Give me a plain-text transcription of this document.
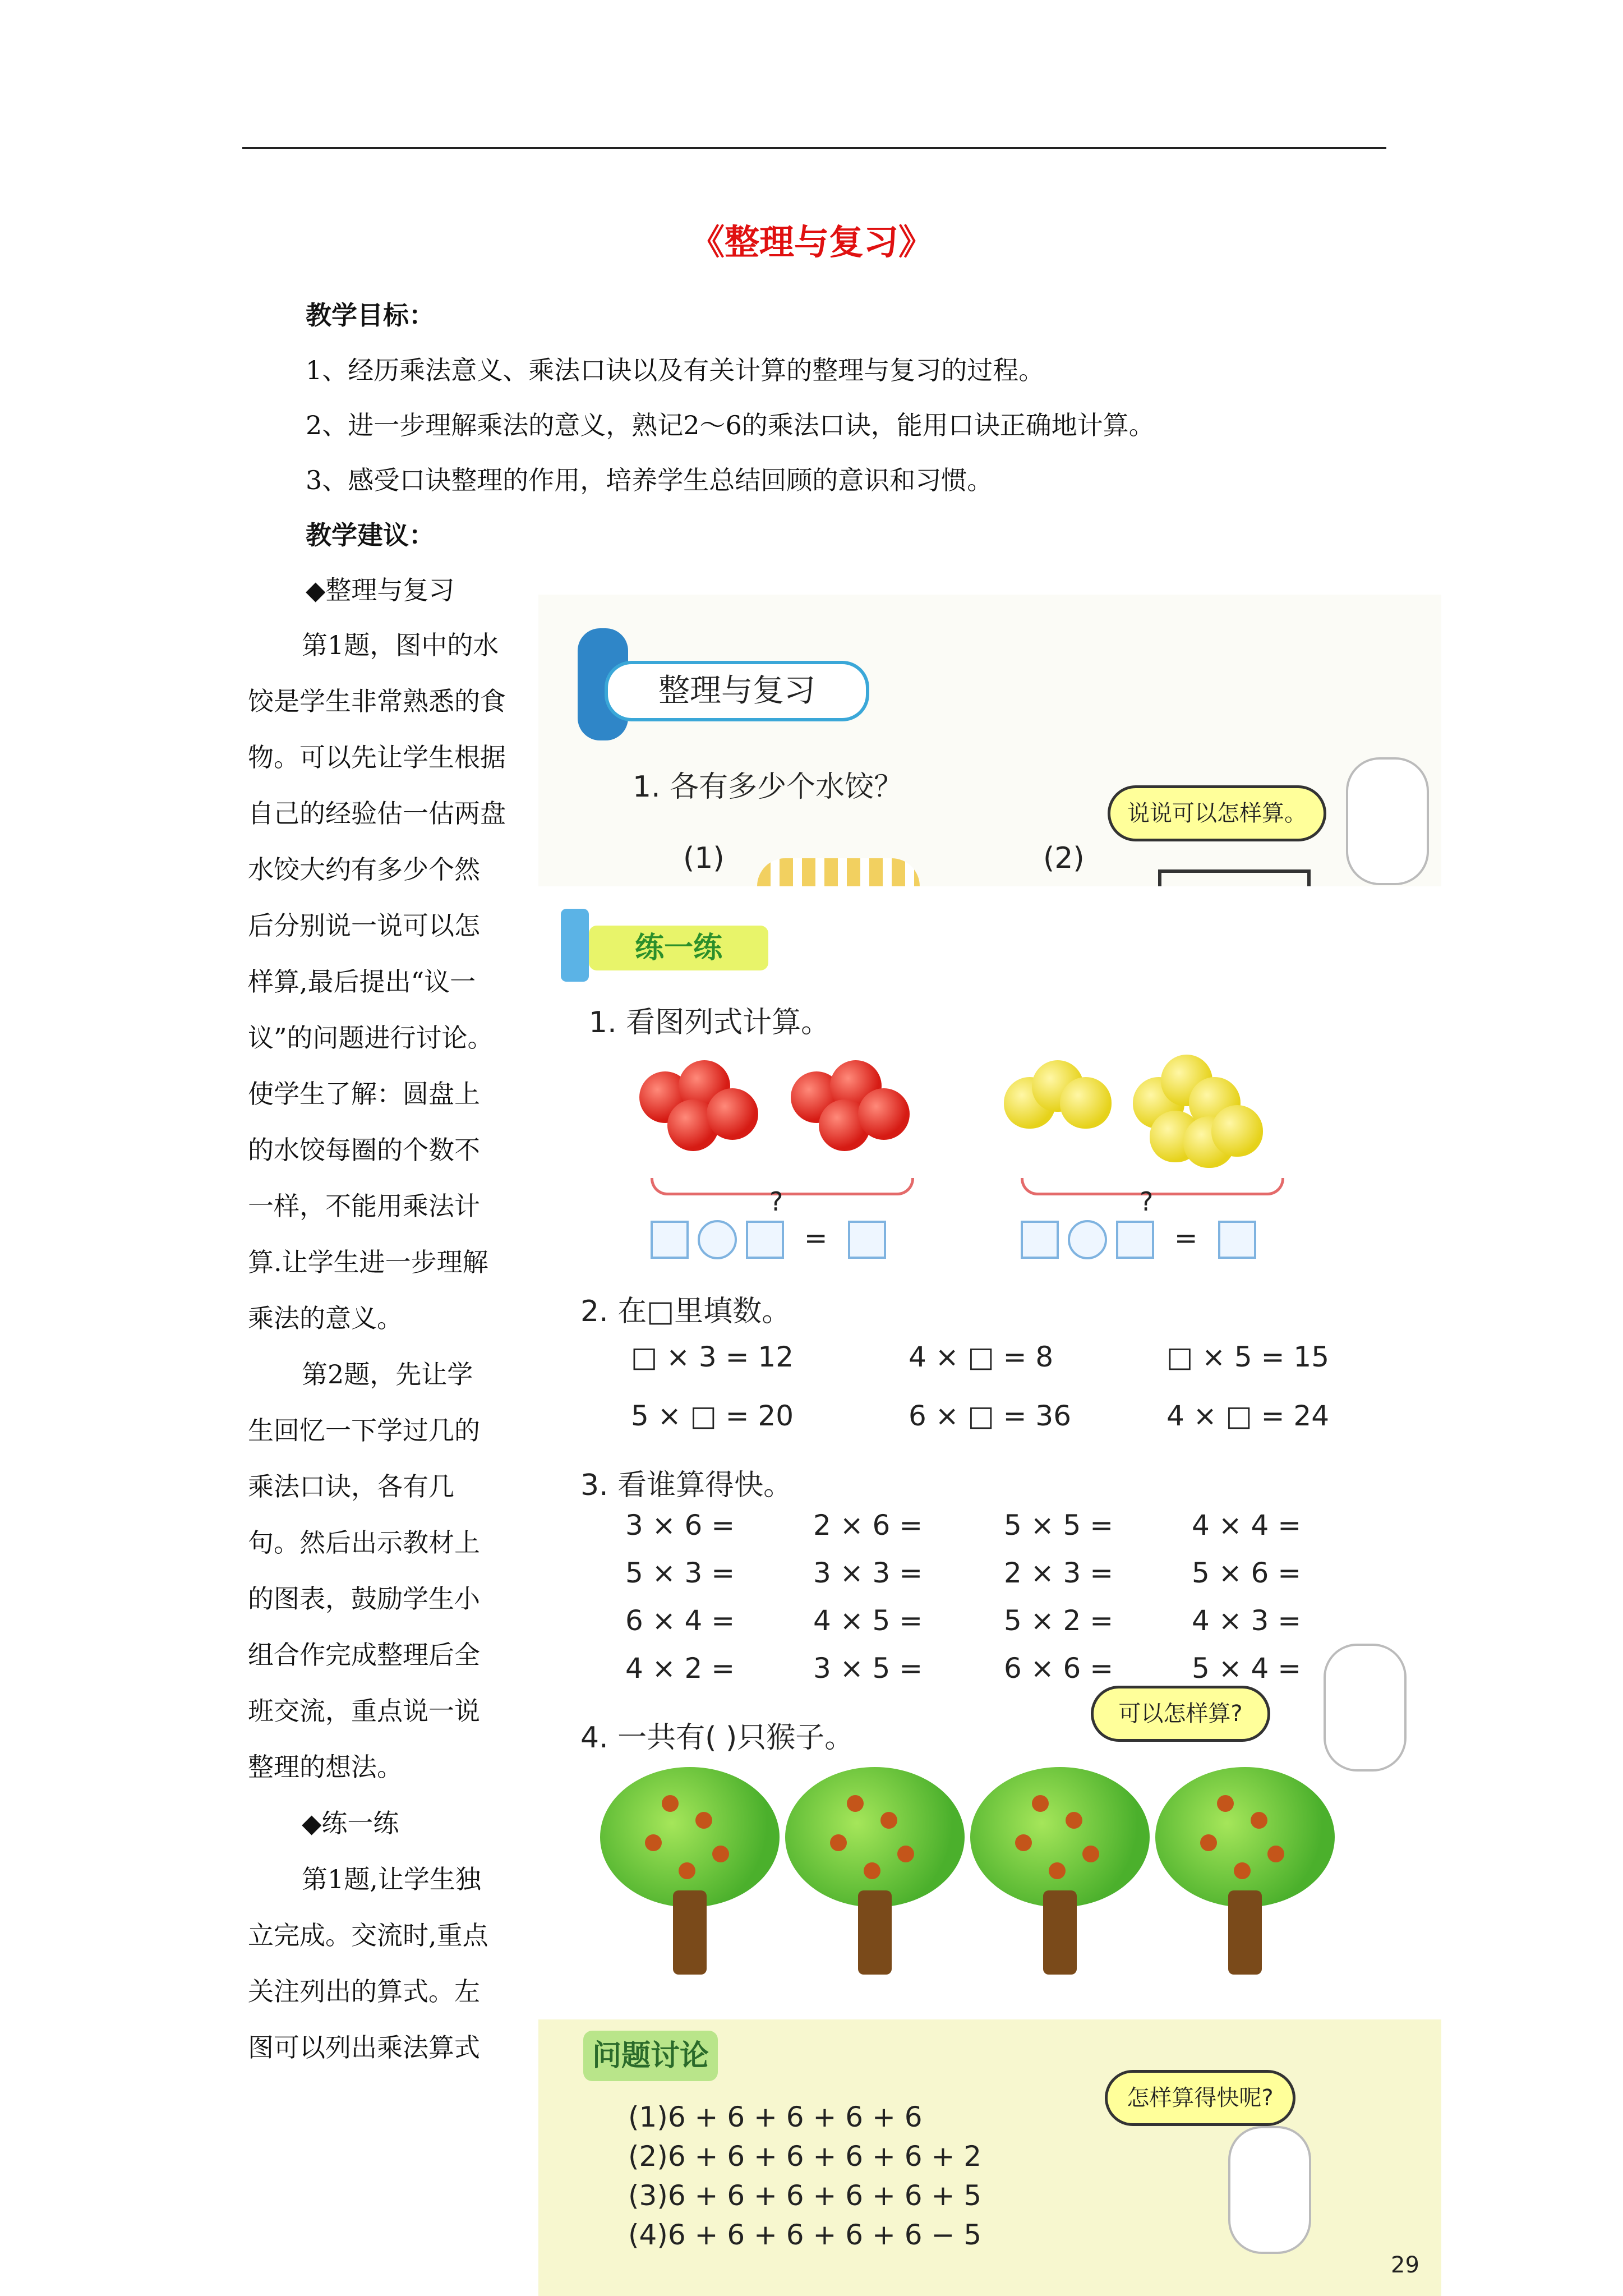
《整理与复习》
教学目标：
1、经历乘法意义、乘法口诀以及有关计算的整理与复习的过程。
2、进一步理解乘法的意义，熟记2～6的乘法口诀，能用口诀正确地计算。
3、感受口诀整理的作用，培养学生总结回顾的意识和习惯。
教学建议：
◆整理与复习

第1题，图中的水

饺是学生非常熟悉的食

物。可以先让学生根据

自己的经验估一估两盘

水饺大约有多少个然

后分别说一说可以怎

样算,最后提出“议一

议”的问题进行讨论。

使学生了解：圆盘上

的水饺每圈的个数不

一样，不能用乘法计

算.让学生进一步理解

乘法的意义。

第2题，先让学

生回忆一下学过几的

乘法口诀，各有几

句。然后出示教材上

的图表，鼓励学生小

组合作完成整理后全

班交流，重点说一说

整理的想法。

◆练一练

第1题,让学生独

立完成。交流时,重点

关注列出的算式。左

图可以列出乘法算式

整理与复习
1. 各有多少个水饺？
(1)	(2)
说说可以怎样算。
练一练
1. 看图列式计算。
?	?
=	=
2. 在□里填数。
□ × 3 = 12	4 × □ = 8	□ × 5 = 15
5 × □ = 20	6 × □ = 36	4 × □ = 24
3. 看谁算得快。
3 × 6 =	2 × 6 =	5 × 5 =	4 × 4 =
5 × 3 =	3 × 3 =	2 × 3 =	5 × 6 =
6 × 4 =	4 × 5 =	5 × 2 =	4 × 3 =
4 × 2 =	3 × 5 =	6 × 6 =	5 × 4 =
4. 一共有( )只猴子。
可以怎样算?
问题讨论
怎样算得快呢?
(1)6 + 6 + 6 + 6 + 6
(2)6 + 6 + 6 + 6 + 6 + 2
(3)6 + 6 + 6 + 6 + 6 + 5
(4)6 + 6 + 6 + 6 + 6 − 5
29
